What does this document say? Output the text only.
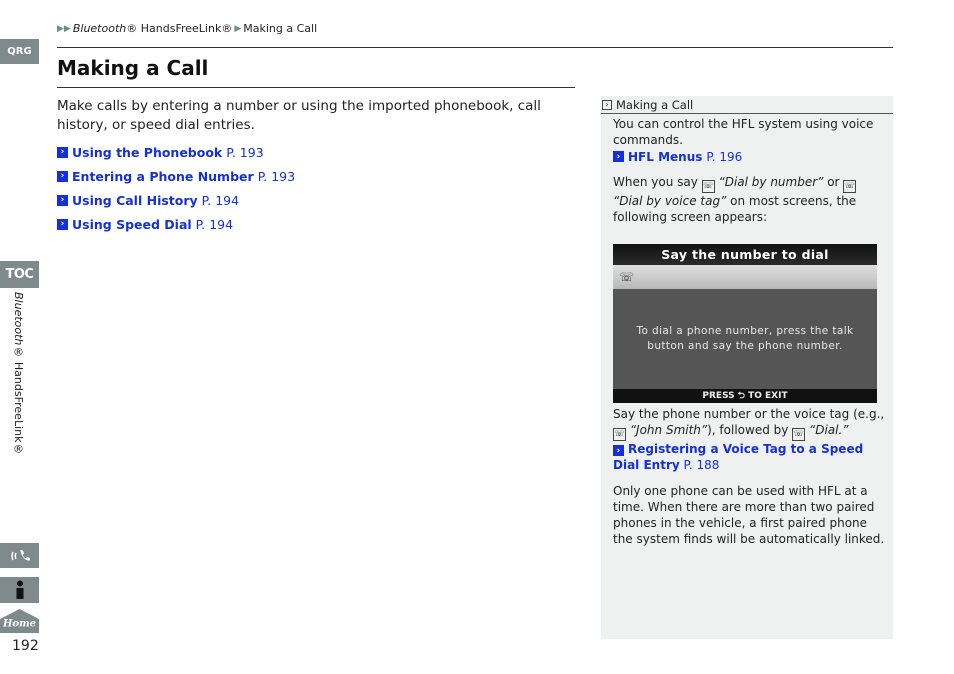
QRG
TOC
Bluetooth® HandsFreeLink®
Home
192
▶▶ Bluetooth® HandsFreeLink® ▶ Making a Call
Making a Call

Make calls by entering a number or using the imported phonebook, call history, or speed dial entries.

› Using the Phonebook P. 193
› Entering a Phone Number P. 193
› Using Call History P. 194
› Using Speed Dial P. 194
› Making a Call

You can control the HFL system using voice commands.

› HFL Menus P. 196

When you say ☏ “Dial by number” or ☏ “Dial by voice tag” on most screens, the following screen appears:

Say the phone number or the voice tag (e.g., ☏ “John Smith”), followed by ☏ “Dial.”

› Registering a Voice Tag to a Speed Dial Entry P. 188

Only one phone can be used with HFL at a time. When there are more than two paired phones in the vehicle, a first paired phone the system finds will be automatically linked.

Say the number to dial
☏
To dial a phone number, press the talk button and say the phone number.
PRESS ⮌ TO EXIT
